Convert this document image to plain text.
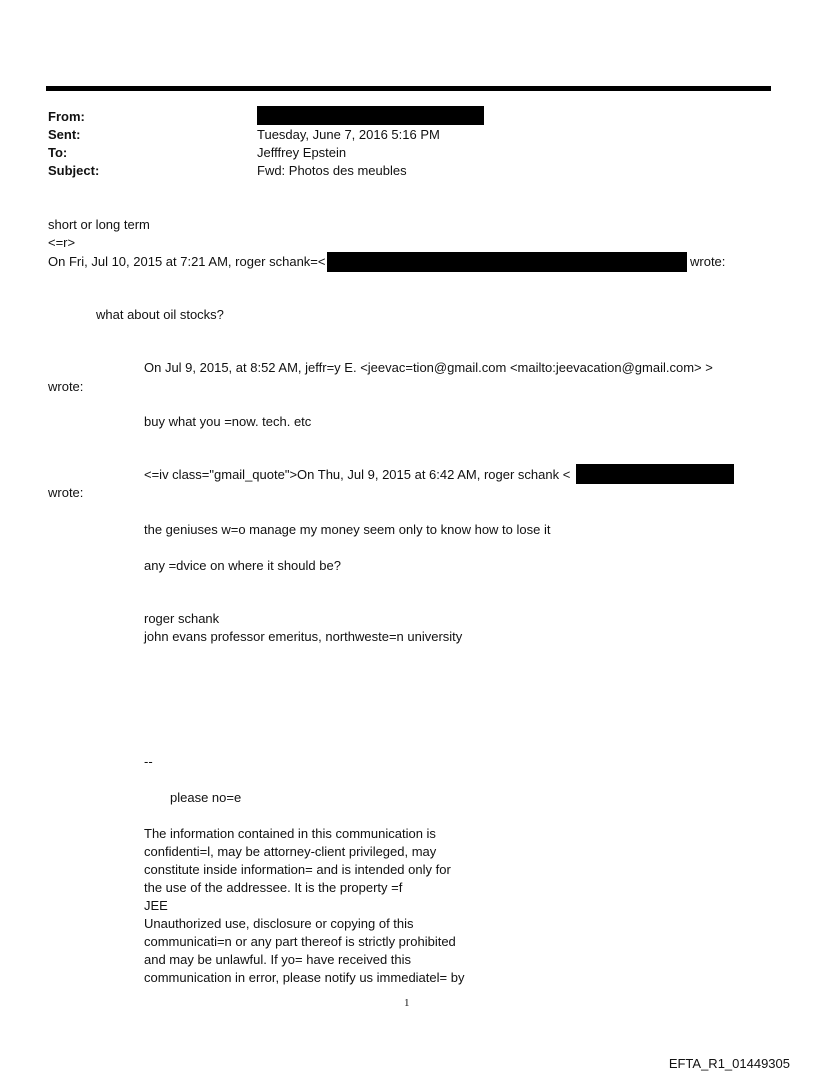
From:
Sent:	Tuesday, June 7, 2016 5:16 PM
To:	Jefffrey Epstein
Subject:	Fwd: Photos des meubles
short or long term
<=r>
On Fri, Jul 10, 2015 at 7:21 AM, roger schank=<	wrote:
what about oil stocks?
On Jul 9, 2015, at 8:52 AM, jeffr=y E. <jeevac=tion@gmail.com <mailto:jeevacation@gmail.com> >
wrote:
buy what you =now. tech. etc
<=iv class="gmail_quote">On Thu, Jul 9, 2015 at 6:42 AM, roger schank <
wrote:
the geniuses w=o manage my money seem only to know how to lose it
any =dvice on where it should be?
roger schank
john evans professor emeritus, northweste=n university
--
please no=e
The information contained in this communication is
confidenti=l, may be attorney-client privileged, may
constitute inside information= and is intended only for
the use of the addressee. It is the property =f
JEE
Unauthorized use, disclosure or copying of this
communicati=n or any part thereof is strictly prohibited
and may be unlawful. If yo= have received this
communication in error, please notify us immediatel= by
1
EFTA_R1_01449305
